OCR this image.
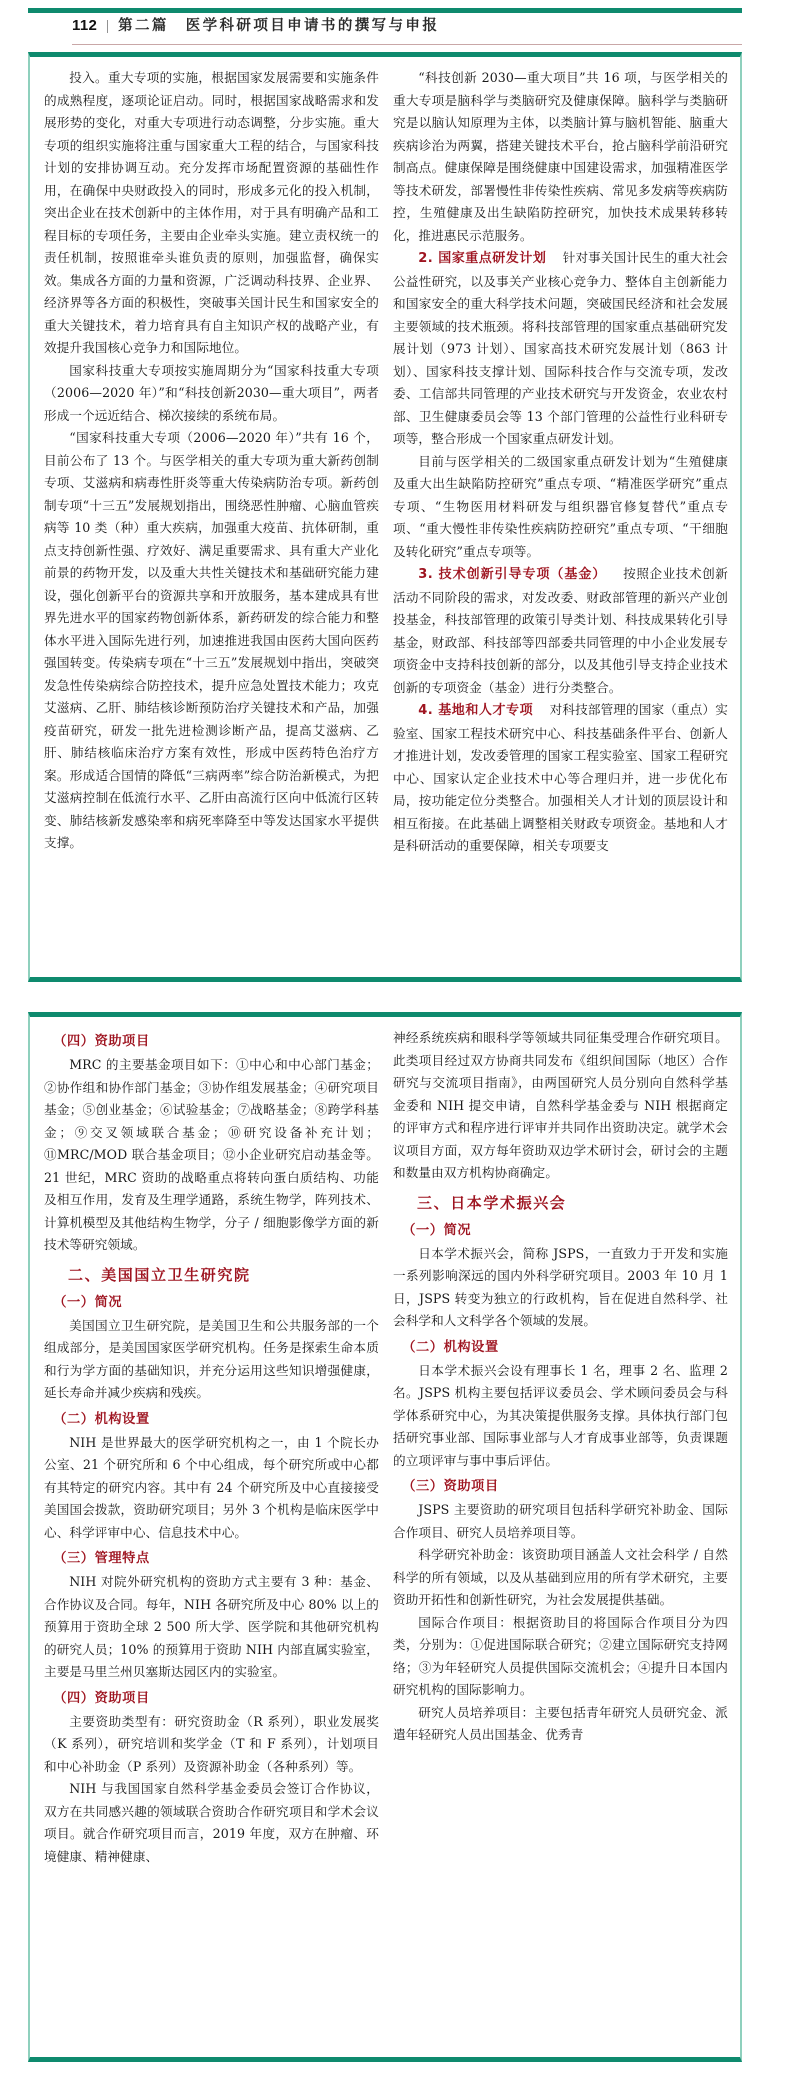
112 | 第二篇　医学科研项目申请书的撰写与申报

投入。重大专项的实施，根据国家发展需要和实施条件的成熟程度，逐项论证启动。同时，根据国家战略需求和发展形势的变化，对重大专项进行动态调整，分步实施。重大专项的组织实施将注重与国家重大工程的结合，与国家科技计划的安排协调互动。充分发挥市场配置资源的基础性作用，在确保中央财政投入的同时，形成多元化的投入机制，突出企业在技术创新中的主体作用，对于具有明确产品和工程目标的专项任务，主要由企业牵头实施。建立责权统一的责任机制，按照谁牵头谁负责的原则，加强监督，确保实效。集成各方面的力量和资源，广泛调动科技界、企业界、经济界等各方面的积极性，突破事关国计民生和国家安全的重大关键技术，着力培育具有自主知识产权的战略产业，有效提升我国核心竞争力和国际地位。

国家科技重大专项按实施周期分为“国家科技重大专项（2006—2020 年）”和“科技创新2030—重大项目”，两者形成一个远近结合、梯次接续的系统布局。

“国家科技重大专项（2006—2020 年）”共有 16 个，目前公布了 13 个。与医学相关的重大专项为重大新药创制专项、艾滋病和病毒性肝炎等重大传染病防治专项。新药创制专项“十三五”发展规划指出，围绕恶性肿瘤、心脑血管疾病等 10 类（种）重大疾病，加强重大疫苗、抗体研制，重点支持创新性强、疗效好、满足重要需求、具有重大产业化前景的药物开发，以及重大共性关键技术和基础研究能力建设，强化创新平台的资源共享和开放服务，基本建成具有世界先进水平的国家药物创新体系，新药研发的综合能力和整体水平进入国际先进行列，加速推进我国由医药大国向医药强国转变。传染病专项在“十三五”发展规划中指出，突破突发急性传染病综合防控技术，提升应急处置技术能力；攻克艾滋病、乙肝、肺结核诊断预防治疗关键技术和产品，加强疫苗研究，研发一批先进检测诊断产品，提高艾滋病、乙肝、肺结核临床治疗方案有效性，形成中医药特色治疗方案。形成适合国情的降低“三病两率”综合防治新模式，为把艾滋病控制在低流行水平、乙肝由高流行区向中低流行区转变、肺结核新发感染率和病死率降至中等发达国家水平提供支撑。

“科技创新 2030—重大项目”共 16 项，与医学相关的重大专项是脑科学与类脑研究及健康保障。脑科学与类脑研究是以脑认知原理为主体，以类脑计算与脑机智能、脑重大疾病诊治为两翼，搭建关键技术平台，抢占脑科学前沿研究制高点。健康保障是围绕健康中国建设需求，加强精准医学等技术研发，部署慢性非传染性疾病、常见多发病等疾病防控，生殖健康及出生缺陷防控研究，加快技术成果转移转化，推进惠民示范服务。

2. 国家重点研发计划 针对事关国计民生的重大社会公益性研究，以及事关产业核心竞争力、整体自主创新能力和国家安全的重大科学技术问题，突破国民经济和社会发展主要领域的技术瓶颈。将科技部管理的国家重点基础研究发展计划（973 计划）、国家高技术研究发展计划（863 计划）、国家科技支撑计划、国际科技合作与交流专项，发改委、工信部共同管理的产业技术研究与开发资金，农业农村部、卫生健康委员会等 13 个部门管理的公益性行业科研专项等，整合形成一个国家重点研发计划。

目前与医学相关的二级国家重点研发计划为“生殖健康及重大出生缺陷防控研究”重点专项、“精准医学研究”重点专项、“生物医用材料研发与组织器官修复替代”重点专项、“重大慢性非传染性疾病防控研究”重点专项、“干细胞及转化研究”重点专项等。

3. 技术创新引导专项（基金） 按照企业技术创新活动不同阶段的需求，对发改委、财政部管理的新兴产业创投基金，科技部管理的政策引导类计划、科技成果转化引导基金，财政部、科技部等四部委共同管理的中小企业发展专项资金中支持科技创新的部分，以及其他引导支持企业技术创新的专项资金（基金）进行分类整合。

4. 基地和人才专项 对科技部管理的国家（重点）实验室、国家工程技术研究中心、科技基础条件平台、创新人才推进计划，发改委管理的国家工程实验室、国家工程研究中心、国家认定企业技术中心等合理归并，进一步优化布局，按功能定位分类整合。加强相关人才计划的顶层设计和相互衔接。在此基础上调整相关财政专项资金。基地和人才是科研活动的重要保障，相关专项要支

（四）资助项目

MRC 的主要基金项目如下：①中心和中心部门基金；②协作组和协作部门基金；③协作组发展基金；④研究项目基金；⑤创业基金；⑥试验基金；⑦战略基金；⑧跨学科基金；⑨交叉领域联合基金；⑩研究设备补充计划；⑪MRC/MOD 联合基金项目；⑫小企业研究启动基金等。21 世纪，MRC 资助的战略重点将转向蛋白质结构、功能及相互作用，发育及生理学通路，系统生物学，阵列技术、计算机模型及其他结构生物学，分子 / 细胞影像学方面的新技术等研究领域。

二、美国国立卫生研究院
（一）简况

美国国立卫生研究院，是美国卫生和公共服务部的一个组成部分，是美国国家医学研究机构。任务是探索生命本质和行为学方面的基础知识，并充分运用这些知识增强健康，延长寿命并减少疾病和残疾。

（二）机构设置

NIH 是世界最大的医学研究机构之一，由 1 个院长办公室、21 个研究所和 6 个中心组成，每个研究所或中心都有其特定的研究内容。其中有 24 个研究所及中心直接接受美国国会拨款，资助研究项目；另外 3 个机构是临床医学中心、科学评审中心、信息技术中心。

（三）管理特点

NIH 对院外研究机构的资助方式主要有 3 种：基金、合作协议及合同。每年，NIH 各研究所及中心 80% 以上的预算用于资助全球 2 500 所大学、医学院和其他研究机构的研究人员；10% 的预算用于资助 NIH 内部直属实验室，主要是马里兰州贝塞斯达园区内的实验室。

（四）资助项目

主要资助类型有：研究资助金（R 系列），职业发展奖（K 系列），研究培训和奖学金（T 和 F 系列），计划项目和中心补助金（P 系列）及资源补助金（各种系列）等。

NIH 与我国国家自然科学基金委员会签订合作协议，双方在共同感兴趣的领域联合资助合作研究项目和学术会议项目。就合作研究项目而言，2019 年度，双方在肿瘤、环境健康、精神健康、

神经系统疾病和眼科学等领域共同征集受理合作研究项目。此类项目经过双方协商共同发布《组织间国际（地区）合作研究与交流项目指南》，由两国研究人员分别向自然科学基金委和 NIH 提交申请，自然科学基金委与 NIH 根据商定的评审方式和程序进行评审并共同作出资助决定。就学术会议项目方面，双方每年资助双边学术研讨会，研讨会的主题和数量由双方机构协商确定。

三、日本学术振兴会
（一）简况

日本学术振兴会，简称 JSPS，一直致力于开发和实施一系列影响深远的国内外科学研究项目。2003 年 10 月 1 日，JSPS 转变为独立的行政机构，旨在促进自然科学、社会科学和人文科学各个领域的发展。

（二）机构设置

日本学术振兴会设有理事长 1 名，理事 2 名、监理 2 名。JSPS 机构主要包括评议委员会、学术顾问委员会与科学体系研究中心，为其决策提供服务支撑。具体执行部门包括研究事业部、国际事业部与人才育成事业部等，负责课题的立项评审与事中事后评估。

（三）资助项目

JSPS 主要资助的研究项目包括科学研究补助金、国际合作项目、研究人员培养项目等。

科学研究补助金：该资助项目涵盖人文社会科学 / 自然科学的所有领域，以及从基础到应用的所有学术研究，主要资助开拓性和创新性研究，为社会发展提供基础。

国际合作项目：根据资助目的将国际合作项目分为四类，分别为：①促进国际联合研究；②建立国际研究支持网络；③为年轻研究人员提供国际交流机会；④提升日本国内研究机构的国际影响力。

研究人员培养项目：主要包括青年研究人员研究金、派遣年轻研究人员出国基金、优秀青
